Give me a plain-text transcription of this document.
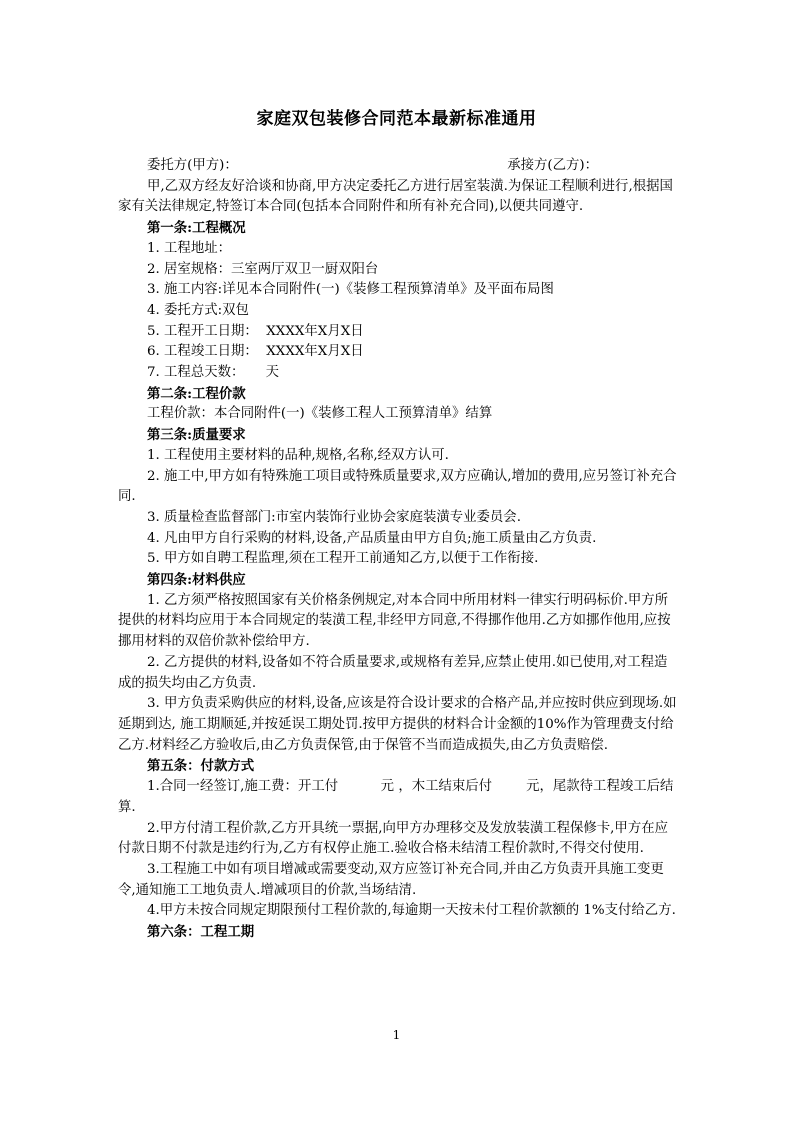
家庭双包装修合同范本最新标准通用
委托方(甲方)：	承接方(乙方)：

甲,乙双方经友好洽谈和协商,甲方决定委托乙方进行居室装潢.为保证工程顺利进行,根据国家有关法律规定,特签订本合同(包括本合同附件和所有补充合同),以便共同遵守.

第一条:工程概况

1. 工程地址：

2. 居室规格：三室两厅双卫一厨双阳台

3. 施工内容:详见本合同附件(一)《装修工程预算清单》及平面布局图

4. 委托方式:双包

5. 工程开工日期：  XXXX年X月X日

6. 工程竣工日期：  XXXX年X月X日

7. 工程总天数：     天

第二条:工程价款

工程价款：本合同附件(一)《装修工程人工预算清单》结算

第三条:质量要求

1. 工程使用主要材料的品种,规格,名称,经双方认可.

2. 施工中,甲方如有特殊施工项目或特殊质量要求,双方应确认,增加的费用,应另签订补充合同.

3. 质量检查监督部门:市室内装饰行业协会家庭装潢专业委员会.

4. 凡由甲方自行采购的材料,设备,产品质量由甲方自负;施工质量由乙方负责.

5. 甲方如自聘工程监理,须在工程开工前通知乙方,以便于工作衔接.

第四条:材料供应

1. 乙方须严格按照国家有关价格条例规定,对本合同中所用材料一律实行明码标价.甲方所提供的材料均应用于本合同规定的装潢工程,非经甲方同意,不得挪作他用.乙方如挪作他用,应按挪用材料的双倍价款补偿给甲方.

2. 乙方提供的材料,设备如不符合质量要求,或规格有差异,应禁止使用.如已使用,对工程造成的损失均由乙方负责.

3. 甲方负责采购供应的材料,设备,应该是符合设计要求的合格产品,并应按时供应到现场.如延期到达, 施工期顺延,并按延误工期处罚.按甲方提供的材料合计金额的10%作为管理费支付给乙方.材料经乙方验收后,由乙方负责保管,由于保管不当而造成损失,由乙方负责赔偿.

第五条：付款方式

1.合同一经签订,施工费：开工付          元 ，木工结束后付        元，尾款待工程竣工后结算.

2.甲方付清工程价款,乙方开具统一票据,向甲方办理移交及发放装潢工程保修卡,甲方在应付款日期不付款是违约行为,乙方有权停止施工.验收合格未结清工程价款时,不得交付使用.

3.工程施工中如有项目增减或需要变动,双方应签订补充合同,并由乙方负责开具施工变更令,通知施工工地负责人.增减项目的价款,当场结清.

4.甲方未按合同规定期限预付工程价款的,每逾期一天按未付工程价款额的 1%支付给乙方.

第六条：工程工期

1
